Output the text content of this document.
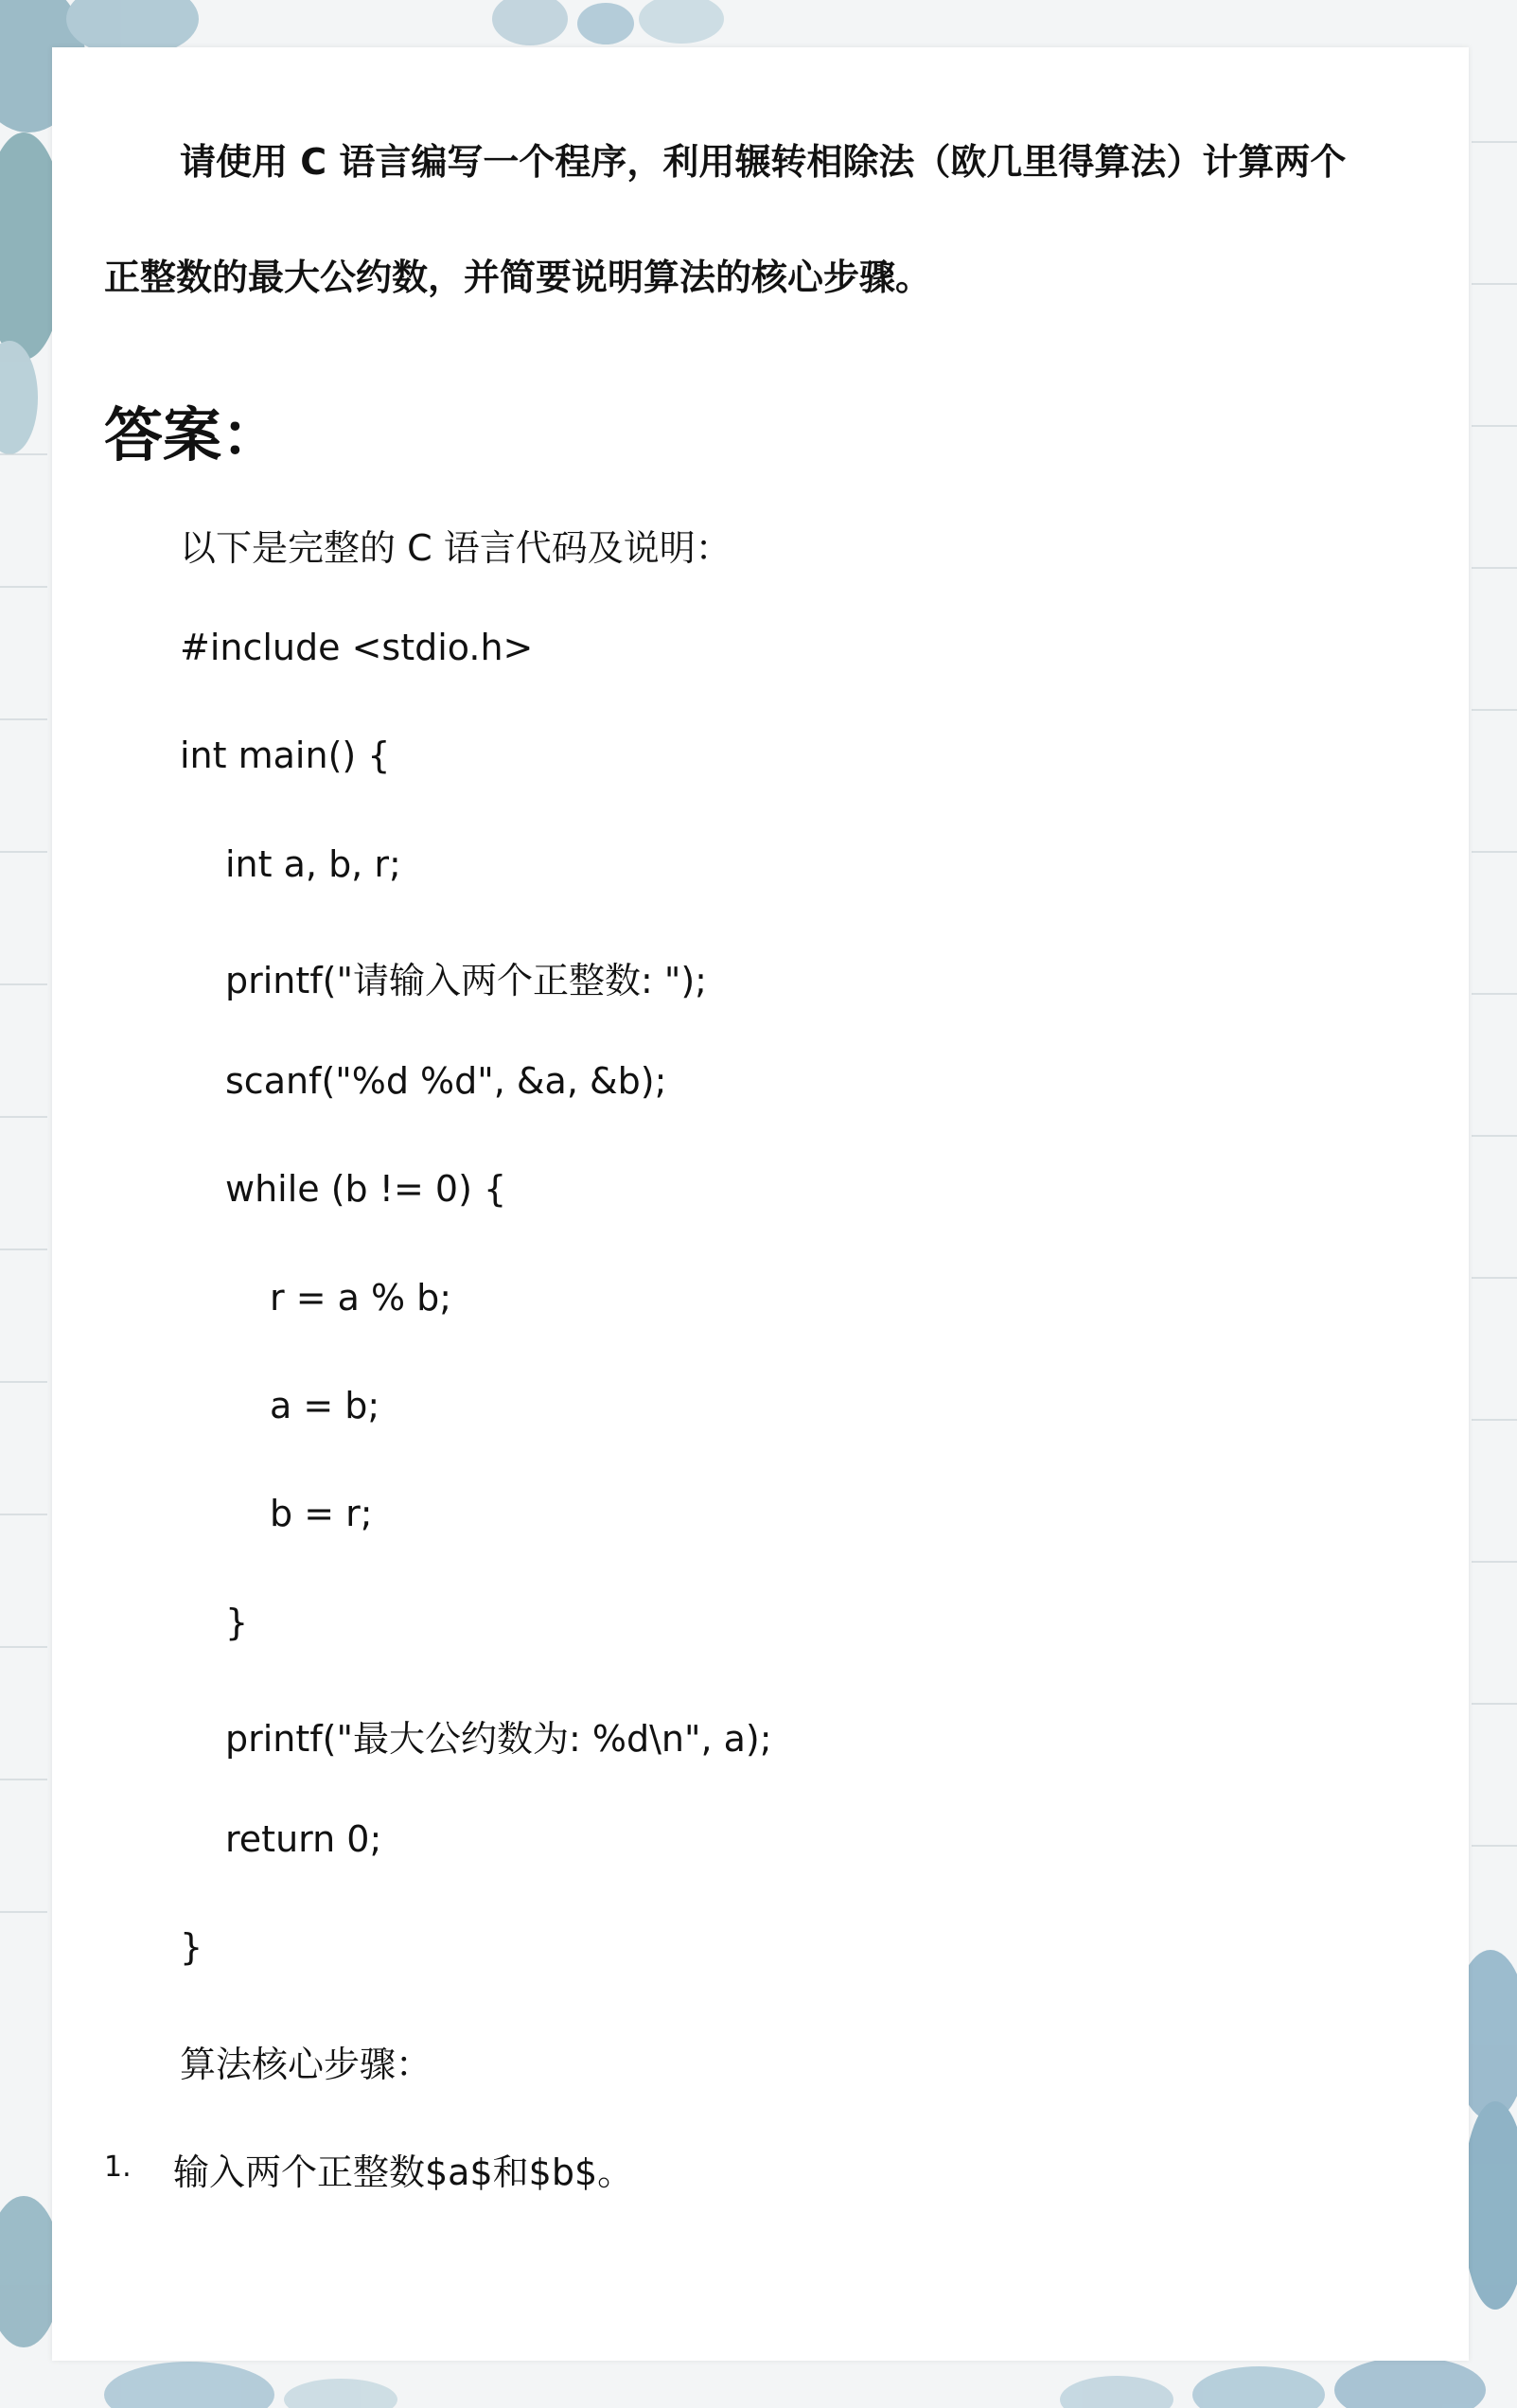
请使用 C 语言编写一个程序，利用辗转相除法（欧几里得算法）计算两个
正整数的最大公约数，并简要说明算法的核心步骤。
答案：
以下是完整的 C 语言代码及说明：
#include <stdio.h>
int main() {
int a, b, r;
printf("请输入两个正整数: ");
scanf("%d %d", &a, &b);
while (b != 0) {
r = a % b;
a = b;
b = r;
}
printf("最大公约数为: %d\n", a);
return 0;
}
算法核心步骤：
1. 输入两个正整数$a$和$b$。
